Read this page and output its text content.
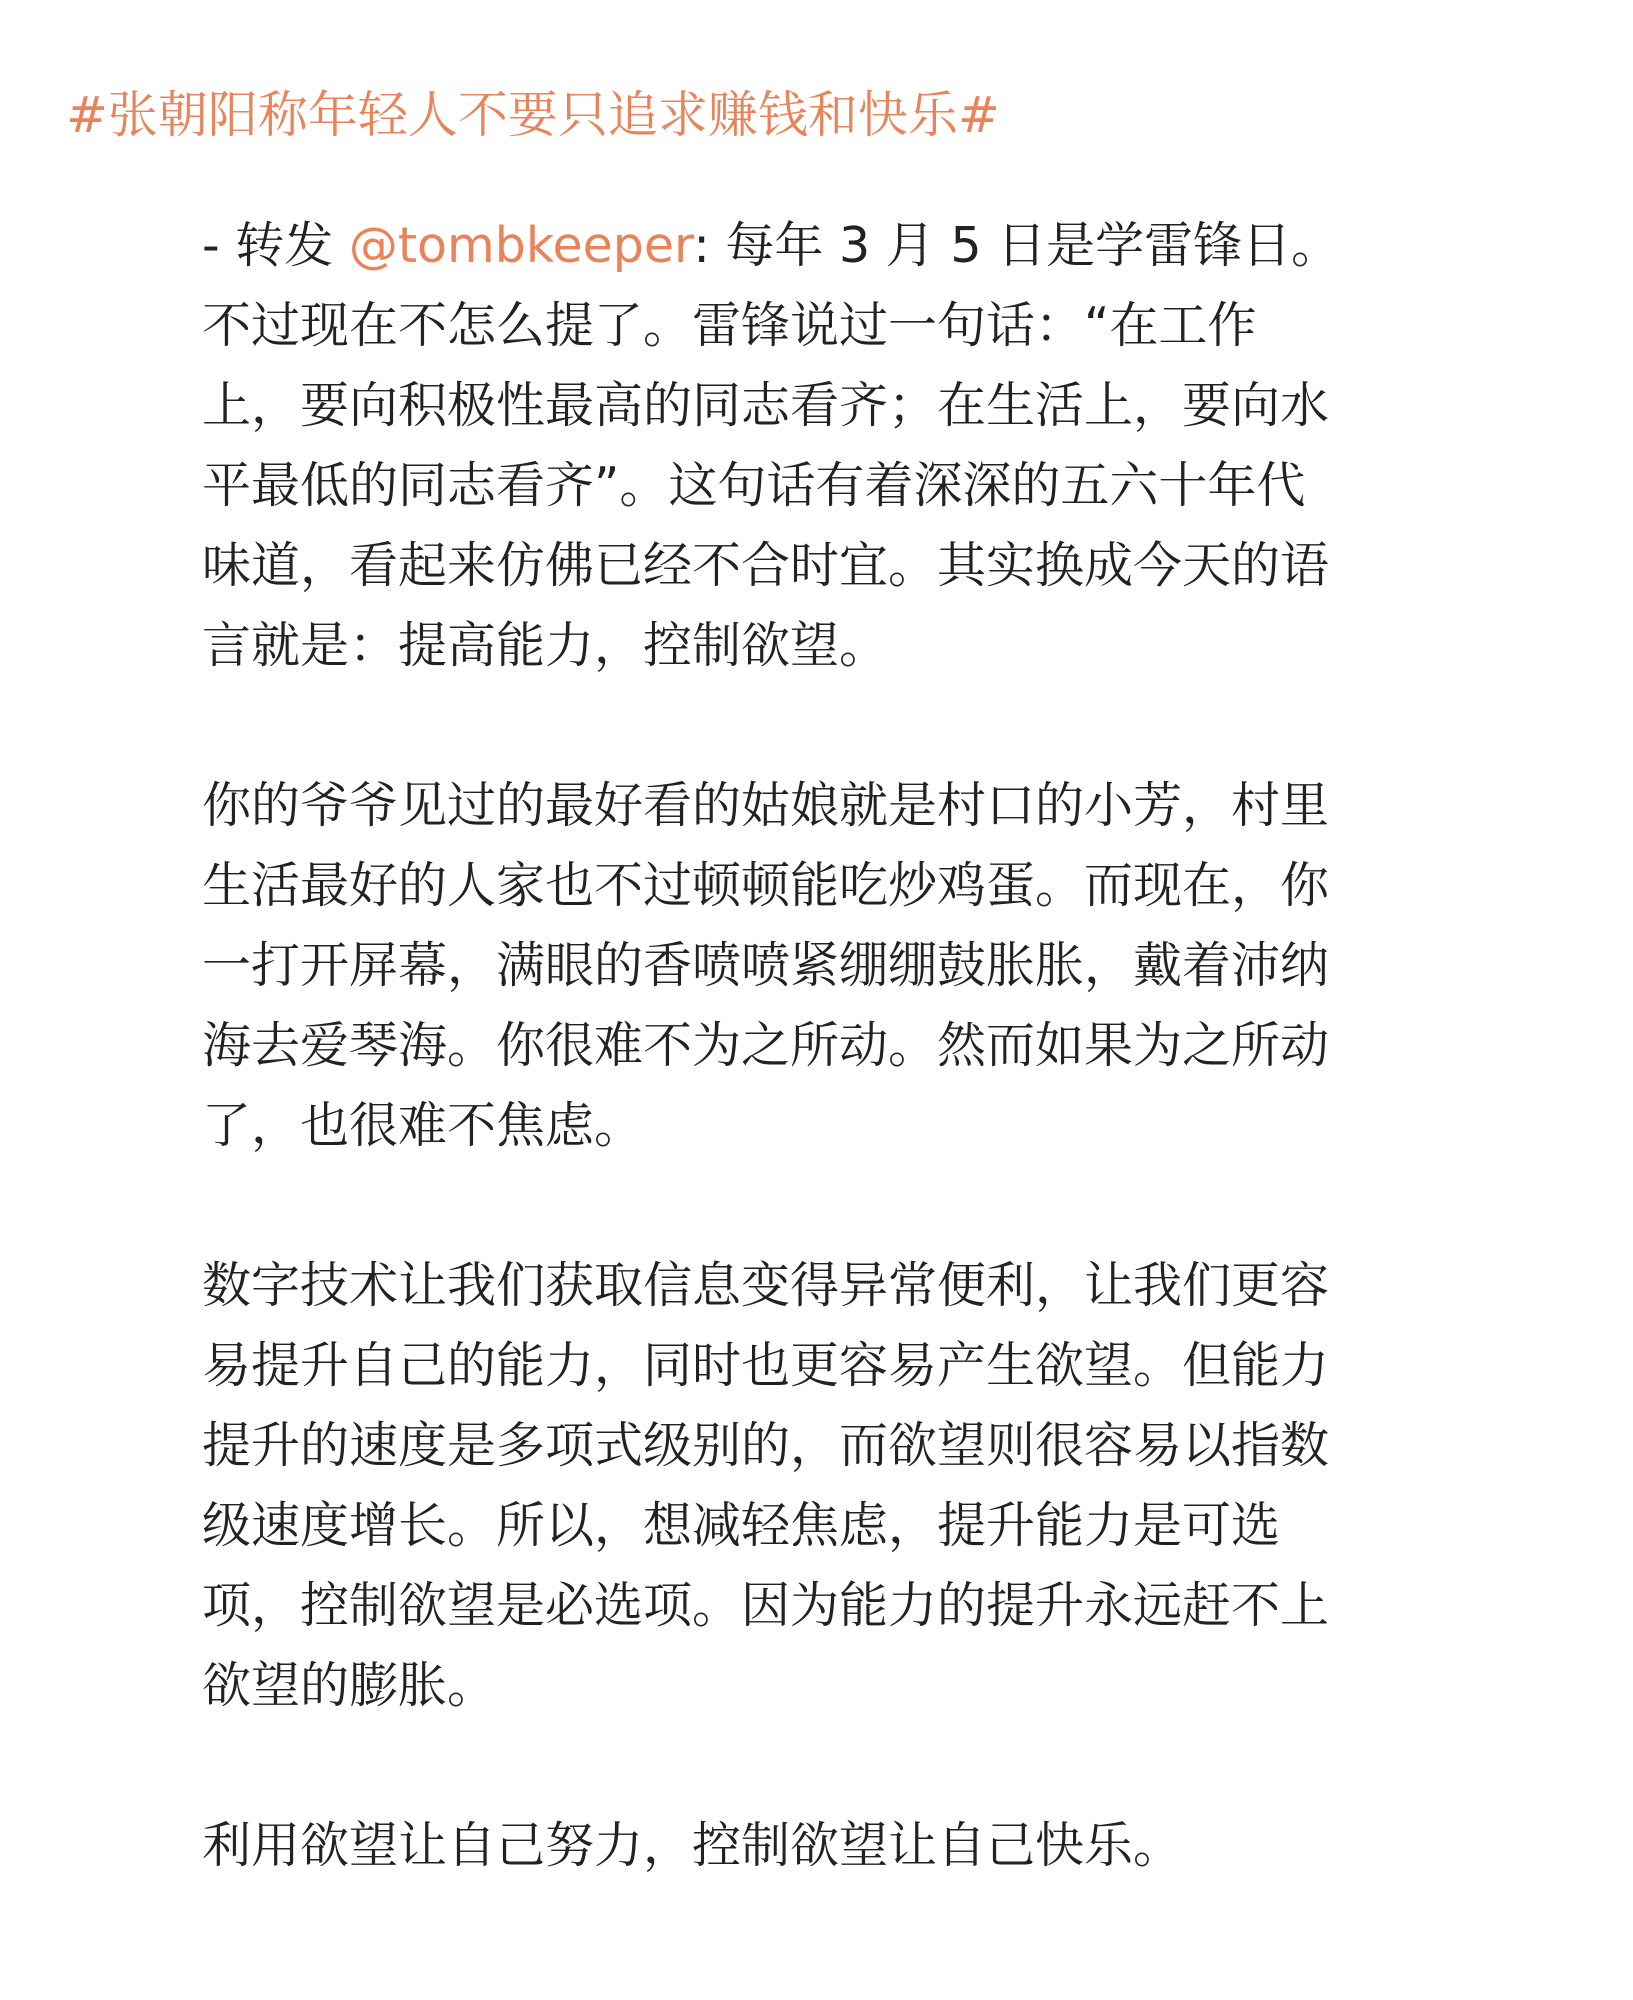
#张朝阳称年轻人不要只追求赚钱和快乐#

- 转发 @tombkeeper: 每年 3 月 5 日是学雷锋日。
不过现在不怎么提了。雷锋说过一句话：“在工作
上，要向积极性最高的同志看齐；在生活上，要向水
平最低的同志看齐”。这句话有着深深的五六十年代
味道，看起来仿佛已经不合时宜。其实换成今天的语
言就是：提高能力，控制欲望。

你的爷爷见过的最好看的姑娘就是村口的小芳，村里
生活最好的人家也不过顿顿能吃炒鸡蛋。而现在，你
一打开屏幕，满眼的香喷喷紧绷绷鼓胀胀，戴着沛纳
海去爱琴海。你很难不为之所动。然而如果为之所动
了，也很难不焦虑。

数字技术让我们获取信息变得异常便利，让我们更容
易提升自己的能力，同时也更容易产生欲望。但能力
提升的速度是多项式级别的，而欲望则很容易以指数
级速度增长。所以，想减轻焦虑，提升能力是可选
项，控制欲望是必选项。因为能力的提升永远赶不上
欲望的膨胀。

利用欲望让自己努力，控制欲望让自己快乐。
